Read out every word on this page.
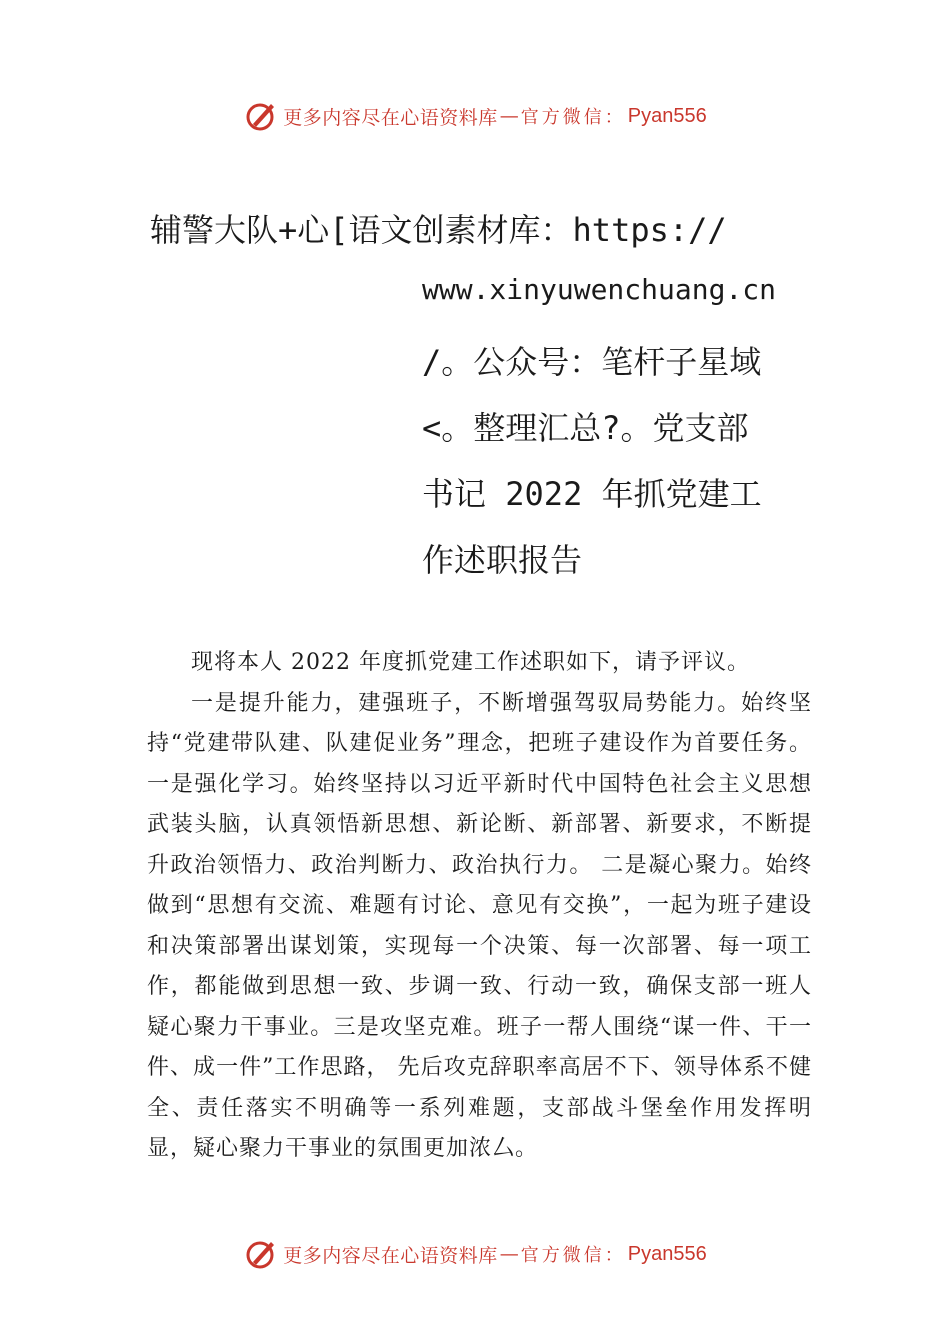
更多内容尽在心语资料库 — 官方微信： Pyan556
辅警大队+心[语文创素材库：https://
www.xinyuwenchuang.cn
/。公众号：笔杆子星域
<。整理汇总?。党支部
书记 2022 年抓党建工
作述职报告

现将本人 2022 年度抓党建工作述职如下，请予评议。

一是提升能力，建强班子，不断增强驾驭局势能力。始终坚持“党建带队建、队建促业务”理念，把班子建设作为首要任务。一是强化学习。始终坚持以习近平新时代中国特色社会主义思想武装头脑，认真领悟新思想、新论断、新部署、新要求，不断提升政治领悟力、政治判断力、政治执行力。 二是凝心聚力。始终做到“思想有交流、难题有讨论、意见有交换”，一起为班子建设和决策部署出谋划策，实现每一个决策、每一次部署、每一项工作，都能做到思想一致、步调一致、行动一致，确保支部一班人疑心聚力干事业。三是攻坚克难。班子一帮人围绕“谋一件、干一件、成一件”工作思路， 先后攻克辞职率高居不下、领导体系不健全、责任落实不明确等一系列难题，支部战斗堡垒作用发挥明显，疑心聚力干事业的氛围更加浓厶。

更多内容尽在心语资料库 — 官方微信： Pyan556
